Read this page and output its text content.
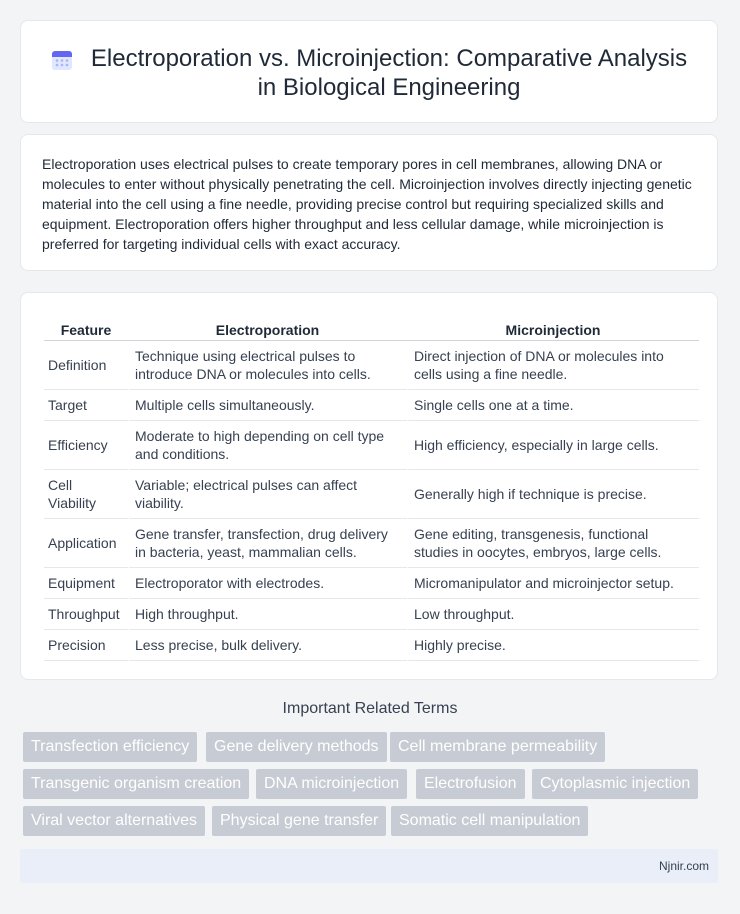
Electroporation vs. Microinjection: Comparative Analysis in Biological Engineering

Electroporation uses electrical pulses to create temporary pores in cell membranes, allowing DNA or molecules to enter without physically penetrating the cell. Microinjection involves directly injecting genetic material into the cell using a fine needle, providing precise control but requiring specialized skills and equipment. Electroporation offers higher throughput and less cellular damage, while microinjection is preferred for targeting individual cells with exact accuracy.

Feature	Electroporation	Microinjection
Definition	Technique using electrical pulses to introduce DNA or molecules into cells.	Direct injection of DNA or molecules into cells using a fine needle.
Target	Multiple cells simultaneously.	Single cells one at a time.
Efficiency	Moderate to high depending on cell type and conditions.	High efficiency, especially in large cells.
Cell Viability	Variable; electrical pulses can affect viability.	Generally high if technique is precise.
Application	Gene transfer, transfection, drug delivery in bacteria, yeast, mammalian cells.	Gene editing, transgenesis, functional studies in oocytes, embryos, large cells.
Equipment	Electroporator with electrodes.	Micromanipulator and microinjector setup.
Throughput	High throughput.	Low throughput.
Precision	Less precise, bulk delivery.	Highly precise.
Important Related Terms
Transfection efficiency	Gene delivery methods	Cell membrane permeability
Transgenic organism creation	DNA microinjection	Electrofusion	Cytoplasmic injection
Viral vector alternatives	Physical gene transfer	Somatic cell manipulation
Njnir.com
